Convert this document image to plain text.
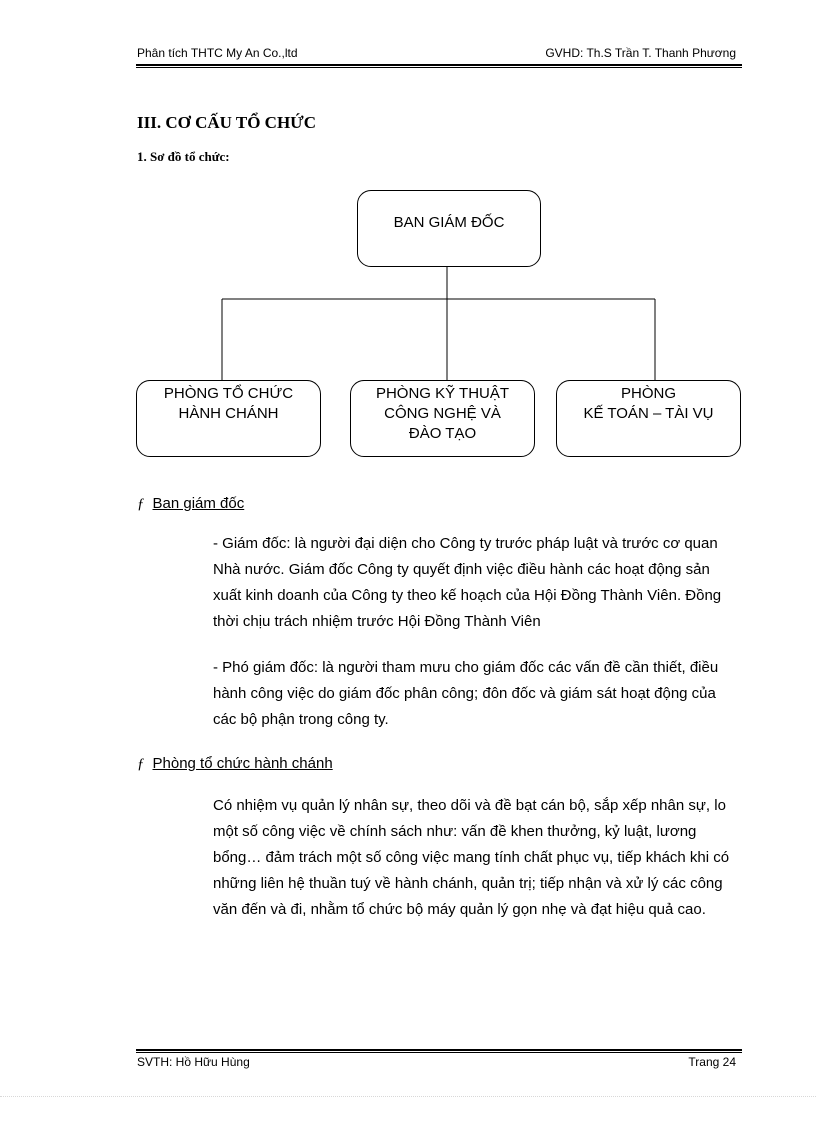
Phân tích THTC My An Co.,ltd	GVHD: Th.S Trần T. Thanh Phương
III. CƠ CẤU TỔ CHỨC
1. Sơ đồ tổ chức:
BAN GIÁM ĐỐC
PHÒNG TỔ CHỨC
HÀNH CHÁNH
PHÒNG KỸ THUẬT
CÔNG NGHỆ VÀ
ĐÀO TẠO
PHÒNG
KẾ TOÁN – TÀI VỤ
ƒ Ban giám đốc

- Giám đốc: là người đại diện cho Công ty trước pháp luật và trước cơ quan Nhà nước. Giám đốc Công ty quyết định việc điều hành các hoạt động sản xuất kinh doanh của Công ty theo kế hoạch của Hội Đồng Thành Viên. Đồng thời chịu trách nhiệm trước Hội Đồng Thành Viên

- Phó giám đốc: là người tham mưu cho giám đốc các vấn đề cần thiết, điều hành công việc do giám đốc phân công; đôn đốc và giám sát hoạt động của các bộ phận trong công ty.

ƒ Phòng tổ chức hành chánh

Có nhiệm vụ quản lý nhân sự, theo dõi và đề bạt cán bộ, sắp xếp nhân sự, lo một số công việc về chính sách như: vấn đề khen thưởng, kỷ luật, lương bổng… đảm trách một số công việc mang tính chất phục vụ, tiếp khách khi có những liên hệ thuần tuý về hành chánh, quản trị; tiếp nhận và xử lý các công văn đến và đi, nhằm tổ chức bộ máy quản lý gọn nhẹ và đạt hiệu quả cao.

SVTH: Hồ Hữu Hùng	Trang 24
